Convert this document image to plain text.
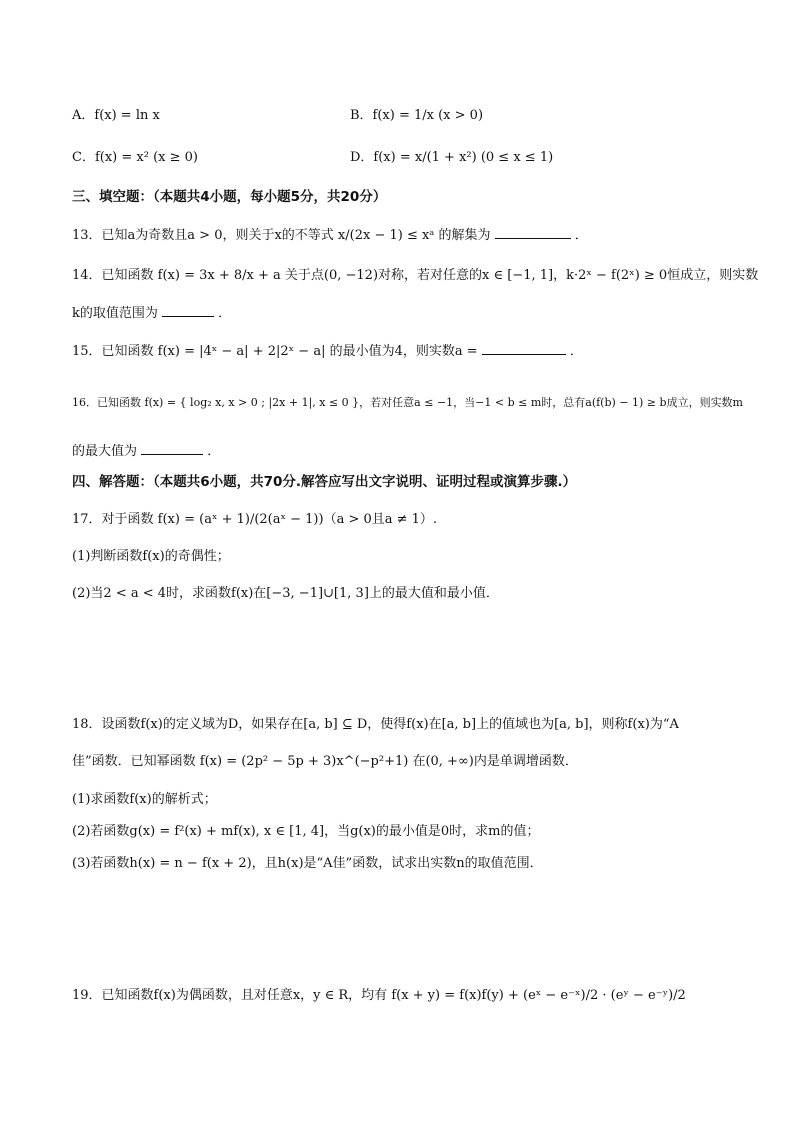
A．f(x) = ln x	B．f(x) = 1/x (x > 0)
C．f(x) = x² (x ≥ 0)	D．f(x) = x/(1 + x²) (0 ≤ x ≤ 1)
三、填空题：（本题共4小题，每小题5分，共20分）
13．已知a为奇数且a > 0，则关于x的不等式 x/(2x − 1) ≤ xᵃ 的解集为	．
14．已知函数 f(x) = 3x + 8/x + a 关于点(0, −12)对称，若对任意的x ∈ [−1, 1]，k·2ˣ − f(2ˣ) ≥ 0恒成立，则实数
k的取值范围为	．
15．已知函数 f(x) = |4ˣ − a| + 2|2ˣ − a| 的最小值为4，则实数a =	．
16．已知函数 f(x) = { log₂ x, x > 0 ; |2x + 1|, x ≤ 0 }，若对任意a ≤ −1，当−1 < b ≤ m时，总有a(f(b) − 1) ≥ b成立，则实数m
的最大值为	．
四、解答题：（本题共6小题，共70分.解答应写出文字说明、证明过程或演算步骤.）
17．对于函数 f(x) = (aˣ + 1)/(2(aˣ − 1))（a > 0且a ≠ 1）.
(1)判断函数f(x)的奇偶性；
(2)当2 < a < 4时，求函数f(x)在[−3, −1]∪[1, 3]上的最大值和最小值．
18．设函数f(x)的定义域为D，如果存在[a, b] ⊆ D，使得f(x)在[a, b]上的值域也为[a, b]，则称f(x)为“A
佳”函数．已知幂函数 f(x) = (2p² − 5p + 3)x^(−p²+1) 在(0, +∞)内是单调增函数．
(1)求函数f(x)的解析式；
(2)若函数g(x) = f²(x) + mf(x), x ∈ [1, 4]，当g(x)的最小值是0时，求m的值；
(3)若函数h(x) = n − f(x + 2)，且h(x)是“A佳”函数，试求出实数n的取值范围．
19．已知函数f(x)为偶函数，且对任意x，y ∈ R，均有 f(x + y) = f(x)f(y) + (eˣ − e⁻ˣ)/2 · (eʸ − e⁻ʸ)/2
